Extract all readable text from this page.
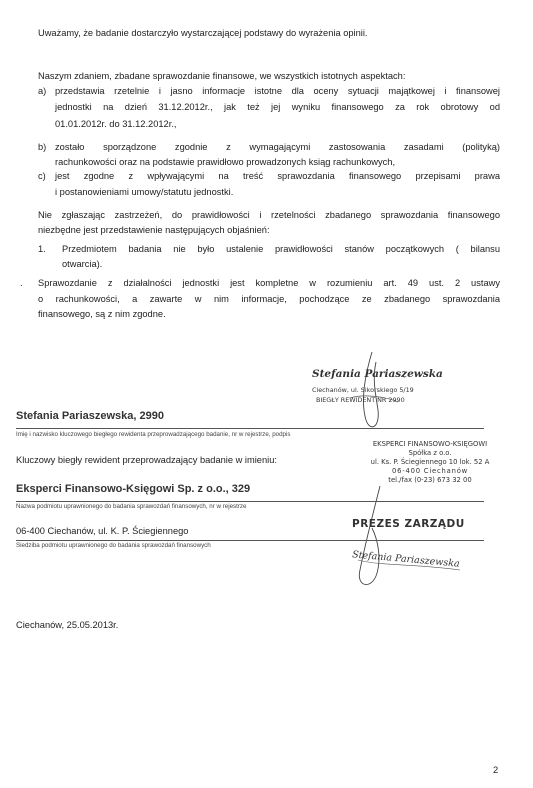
Uważamy, że badanie dostarczyło wystarczającej podstawy do wyrażenia opinii.
Naszym zdaniem, zbadane sprawozdanie finansowe, we wszystkich istotnych aspektach:
a) przedstawia rzetelnie i jasno informacje istotne dla oceny sytuacji majątkowej i finansowej
jednostki na dzień 31.12.2012r., jak też jej wyniku finansowego za rok obrotowy od
01.01.2012r. do 31.12.2012r.,
b) zostało sporządzone zgodnie z wymagającymi zastosowania zasadami (polityką)
rachunkowości oraz na podstawie prawidłowo prowadzonych ksiąg rachunkowych,
c) jest zgodne z wpływającymi na treść sprawozdania finansowego przepisami prawa
i postanowieniami umowy/statutu jednostki.
Nie zgłaszając zastrzeżeń, do prawidłowości i rzetelności zbadanego sprawozdania finansowego
niezbędne jest przedstawienie następujących objaśnień:
1. Przedmiotem badania nie było ustalenie prawidłowości stanów początkowych ( bilansu
otwarcia).
. Sprawozdanie z działalności jednostki jest kompletne w rozumieniu art. 49 ust. 2 ustawy
o rachunkowości, a zawarte w nim informacje, pochodzące ze zbadanego sprawozdania
finansowego, są z nim zgodne.
Stefania Pariaszewska
Ciechanów, ul. Sikorskiego 5/19
BIEGŁY REWIDENT NR 2990
Stefania Pariaszewska, 2990
Imię i nazwisko kluczowego biegłego rewidenta przeprowadzającego badanie, nr w rejestrze, podpis
Kluczowy biegły rewident przeprowadzający badanie w imieniu:
EKSPERCI FINANSOWO-KSIĘGOWI
Spółka z o.o.
ul. Ks. P. Ściegiennego 10 lok. 52 A
06-400 Ciechanów
tel./fax (0-23) 673 32 00
Eksperci Finansowo-Księgowi Sp. z o.o., 329
Nazwa podmiotu uprawnionego do badania sprawozdań finansowych, nr w rejestrze
PREZES ZARZĄDU
06-400 Ciechanów, ul. K. P. Ściegiennego
Siedziba podmiotu uprawnionego do badania sprawozdań finansowych
Stefania Pariaszewska
Ciechanów, 25.05.2013r.
2
